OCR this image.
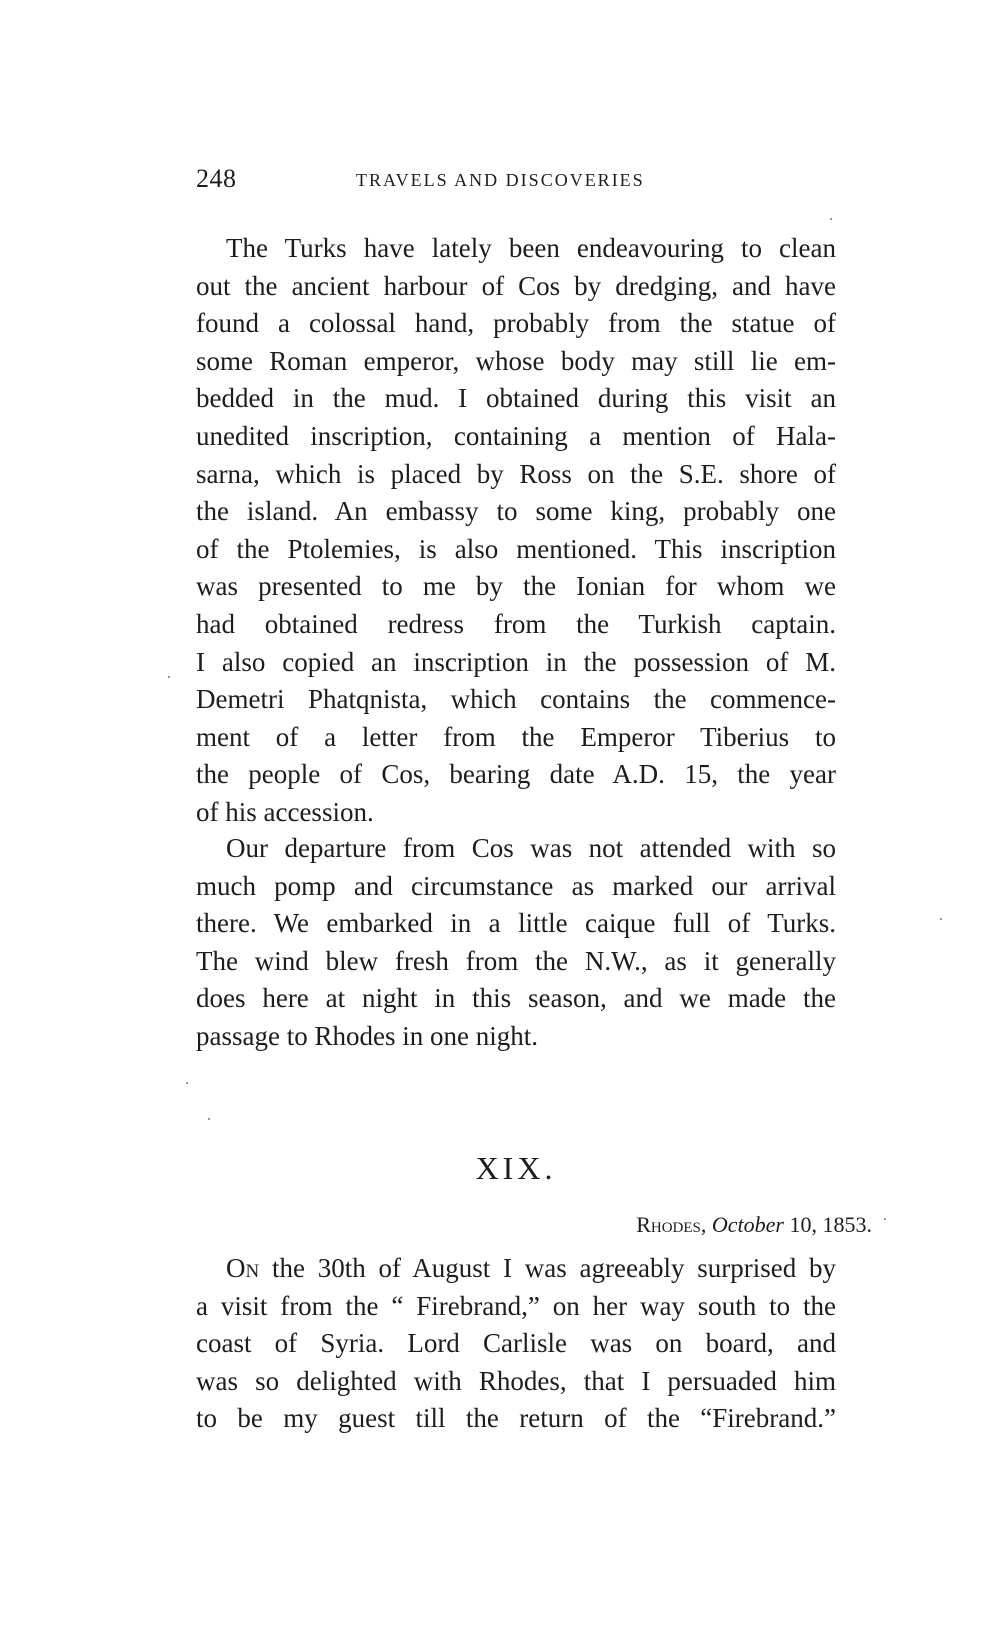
248	TRAVELS AND DISCOVERIES
The Turks have lately been endeavouring to clean
out the ancient harbour of Cos by dredging, and have
found a colossal hand, probably from the statue of
some Roman emperor, whose body may still lie em-
bedded in the mud. I obtained during this visit an
unedited inscription, containing a mention of Hala-
sarna, which is placed by Ross on the S.E. shore of
the island. An embassy to some king, probably one
of the Ptolemies, is also mentioned. This inscription
was presented to me by the Ionian for whom we
had obtained redress from the Turkish captain.
I also copied an inscription in the possession of M.
Demetri Phatqnista, which contains the commence-
ment of a letter from the Emperor Tiberius to
the people of Cos, bearing date A.D. 15, the year
of his accession.
Our departure from Cos was not attended with so
much pomp and circumstance as marked our arrival
there. We embarked in a little caique full of Turks.
The wind blew fresh from the N.W., as it generally
does here at night in this season, and we made the
passage to Rhodes in one night.
XIX.
Rhodes, October 10, 1853.
On the 30th of August I was agreeably surprised by
a visit from the “ Firebrand,” on her way south to the
coast of Syria. Lord Carlisle was on board, and
was so delighted with Rhodes, that I persuaded him
to be my guest till the return of the “Firebrand.”
